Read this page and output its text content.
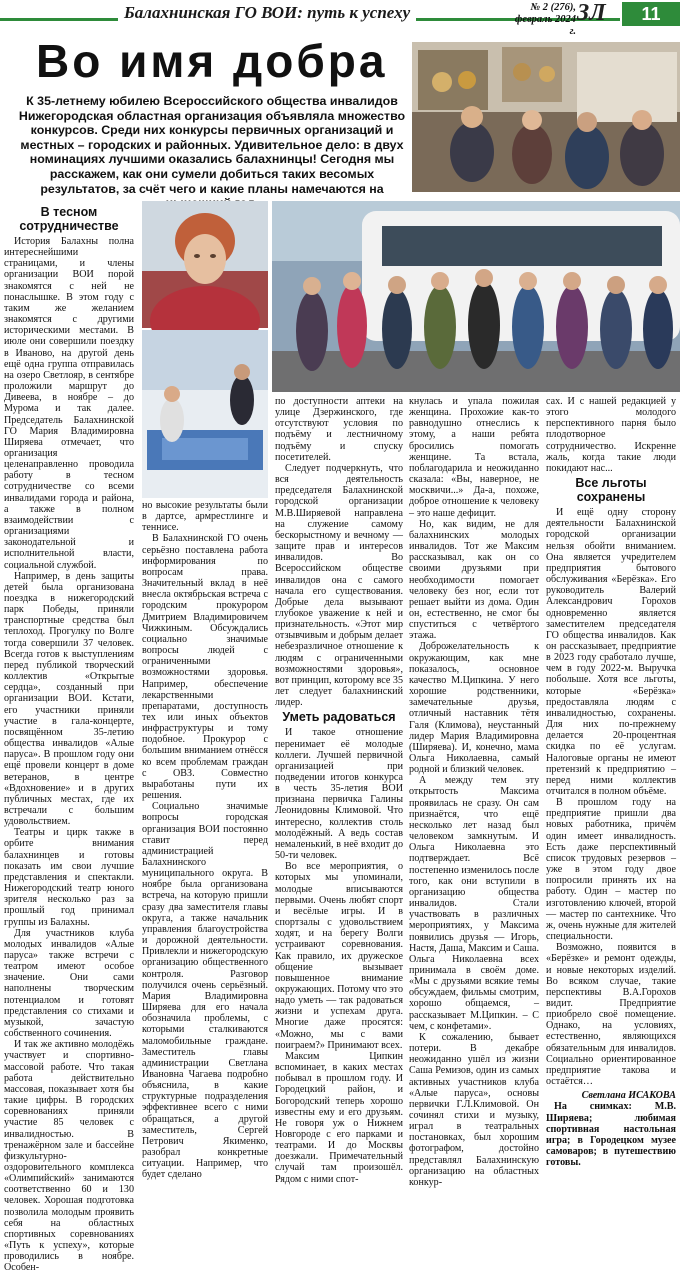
Балахнинская ГО ВОИ: путь к успеху	№ 2 (276),
февраль 2024 г.
ЗЛ	11
Во имя добра
К 35-летнему юбилею Всероссийского общества инвалидов Нижегородская областная организация объявляла множество конкурсов. Среди них конкурсы первичных организаций и местных – городских и районных. Удивительное дело: в двух номинациях лучшими оказались балахнинцы! Сегодня мы расскажем, как они сумели добиться таких весомых результатов, за счёт чего и какие планы намечаются на
В тесном сотрудничестве

История Балахны полна интереснейшими страницами, и члены организации ВОИ порой знакомятся с ней не понаслышке. В этом году с таким же желанием знакомятся с другими историческими местами. В июле они совершили поездку в Иваново, на другой день ещё одна группа отправилась на озеро Светлояр, в сентябре проложили маршрут до Дивеева, в ноябре – до Мурома и так далее. Председатель Балахнинской ГО Мария Владимировна Ширяева отмечает, что организация целенаправленно проводила работу в тесном сотрудничестве со всеми инвалидами города и района, а также в полном взаимодействии с организациями законодательной и исполнительной власти, социальной службой.

Например, в день защиты детей была организована поездка в нижегородский парк Победы, приняли транспортные средства был теплоход. Прогулку по Волге тогда совершили 37 человек. Всегда готов к выступлениям перед публикой творческий коллектив «Открытые сердца», созданный при организации ВОИ. Кстати, его участники приняли участие в гала-концерте, посвящённом 35-летию общества инвалидов «Алые паруса». В прошлом году они ещё провели концерт в доме ветеранов, в центре «Вдохновение» и в других публичных местах, где их встречали с большим удовольствием.

Театры и цирк также в орбите внимания балахнинцев и готовы показать им свои лучшие представления и спектакли. Нижегородский театр юного зрителя несколько раз за прошлый год принимал группы из Балахны.

Для участников клуба молодых инвалидов «Алые паруса» также встречи с театром имеют особое значение. Они сами наполнены творческим потенциалом и готовят представления со стихами и музыкой, зачастую собственного сочинения.

И так же активно молодёжь участвует и спортивно-массовой работе. Что такая работа действительно массовая, показывает хотя бы такие цифры. В городских соревнованиях приняли участие 85 человек с инвалидностью. В тренажёрном зале и бассейне физкультурно-оздоровительного комплекса «Олимпийский» занимаются соответственно 60 и 130 человек. Хорошая подготовка позволила молодым проявить себя на областных спортивных соревнованиях «Путь к успеху», которые проводились в ноябре. Особен-

но высокие результаты были в дартсе, армрестлинге и теннисе.

В Балахнинской ГО очень серьёзно поставлена работа информирования по вопросам права. Значительный вклад в неё внесла октябрьская встреча с городским прокурором Дмитрием Владимировичем Чижкиным. Обсуждались социально значимые вопросы людей с ограниченными возможностями здоровья. Например, обеспечение лекарственными препаратами, доступность тех или иных объектов инфраструктуры и тому подобное. Прокурор с большим вниманием отнёсся ко всем проблемам граждан с ОВЗ. Совместно выработаны пути их решения.

Социально значимые вопросы городская организация ВОИ постоянно ставит перед администрацией Балахнинского муниципального округа. В ноябре была организована встреча, на которую пришли сразу два заместителя главы округа, а также начальник управления благоустройства и дорожной деятельности. Привлекли и нижегородскую организацию общественного контроля. Разговор получился очень серьёзный. Мария Владимировна Ширяева для его начала обозначила проблемы, с которыми сталкиваются маломобильные граждане. Заместитель главы администрации Светлана Ивановна Чагаева подробно объяснила, в какие структурные подразделения эффективнее всего с ними обращаться, а другой заместитель, Сергей Петрович Якименко, разобрал конкретные ситуации. Например, что будет сделано

по доступности аптеки на улице Дзержинского, где отсутствуют условия по подъёму и лестничному подъёму и спуску посетителей.

Следует подчеркнуть, что вся деятельность председателя Балахнинской городской организации М.В.Ширяевой направлена на служение самому бескорыстному и вечному — защите прав и интересов инвалидов. Во Всероссийском обществе инвалидов она с самого начала его существования. Добрые дела вызывают глубокое уважение к ней и признательность. «Этот мир отзывчивым и добрым делает небезразличное отношение к людям с ограниченными возможностями здоровья», вот принцип, которому все 35 лет следует балахнинский лидер.

Уметь радоваться

И такое отношение перенимает её молодые коллеги. Лучшей первичной организацией при подведении итогов конкурса в честь 35-летия ВОИ признана первичка Галины Леонидовны Климовой. Что интересно, коллектив столь молодёжный. А ведь состав немаленький, в неё входит до 50-ти человек.

Во все мероприятия, о которых мы упоминали, молодые вписываются первыми. Очень любят спорт и весёлые игры. И в спортзалы с удовольствием ходят, и на берегу Волги устраивают соревнования. Как правило, их дружеское общение вызывает повышенное внимание окружающих. Потому что это надо уметь — так радоваться жизни и успехам друга. Многие даже просятся: «Можно, мы с вами поиграем?» Принимают всех.

Максим Ципкин вспоминает, в каких местах побывал в прошлом году. И Городецкий район, и Богородский теперь хорошо известны ему и его друзьям. Не говоря уж о Нижнем Новгороде с его парками и театрами. И до Москвы доезжали. Примечательный случай там произошёл. Рядом с ними спот-

кнулась и упала пожилая женщина. Прохожие как-то равнодушно отнеслись к этому, а наши ребята бросились помогать женщине. Та встала, поблагодарила и неожиданно сказала: «Вы, наверное, не москвичи...» Да-а, похоже, доброе отношение к человеку – это наше дефицит.

Но, как видим, не для балахнинских молодых инвалидов. Тот же Максим рассказывал, как он со своими друзьями при необходимости помогает человеку без ног, если тот решает выйти из дома. Один он, естественно, не смог бы спуститься с четвёртого этажа.

Доброжелательность к окружающим, как мне показалось, основное качество М.Ципкина. У него хорошие родственники, замечательные друзья, отличный наставник тётя Галя (Климова), неустанный лидер Мария Владимировна (Ширяева). И, конечно, мама Ольга Николаевна, самый родной и близкий человек.

А между тем эту открытость Максима проявилась не сразу. Он сам признаётся, что ещё несколько лет назад был человеком замкнутым. И Ольга Николаевна это подтверждает. Всё постепенно изменилось после того, как они вступили в организацию общества инвалидов. Стали участвовать в различных мероприятиях, у Максима появились друзья — Игорь, Настя, Даша, Максим и Саша. Ольга Николаевна всех принимала в своём доме. «Мы с друзьями всякие темы обсуждаем, фильмы смотрим, хорошо общаемся, – рассказывает М.Ципкин. – С чем, с конфетами».

К сожалению, бывает потери. В декабре неожиданно ушёл из жизни Саша Ремизов, один из самых активных участников клуба «Алые паруса», основы первички Г.Л.Климовой. Он сочинял стихи и музыку, играл в театральных постановках, был хорошим фотографом, достойно представлял Балахнинскую организацию на областных конкур-

сах. И с нашей редакцией у этого молодого перспективного парня было плодотворное сотрудничество. Искренне жаль, когда такие люди покидают нас...

Все льготы сохранены

И ещё одну сторону деятельности Балахнинской городской организации нельзя обойти вниманием. Она является учредителем предприятия бытового обслуживания «Берёзка». Его руководитель Валерий Александрович Горохов одновременно является заместителем председателя ГО общества инвалидов. Как он рассказывает, предприятие в 2023 году сработало лучше, чем в году 2022-м. Выручка побольше. Хотя все льготы, которые «Берёзка» предоставляла людям с инвалидностью, сохранены. Для них по-прежнему делается 20-процентная скидка по её услугам. Налоговые органы не имеют претензий к предприятию – перед ними коллектив отчитался в полном объёме.

В прошлом году на предприятие пришли два новых работника, причём один имеет инвалидность. Есть даже перспективный список трудовых резервов – уже в этом году двое попросили принять их на работу. Один – мастер по изготовлению ключей, второй — мастер по сантехнике. Что ж, очень нужные для жителей специальности.

Возможно, появится в «Берёзке» и ремонт одежды, и новые некоторых изделий. Во всяком случае, такие перспективы В.А.Горохов видит. Предприятие приобрело своё помещение. Однако, на условиях, естественно, являющихся обязательным для инвалидов. Социально ориентированное предприятие такова и остаётся…

Светлана ИСАКОВА

На снимках: М.В. Ширяева; любимая спортивная настольная игра; в Городецком музее самоваров; в путешествию готовы.
